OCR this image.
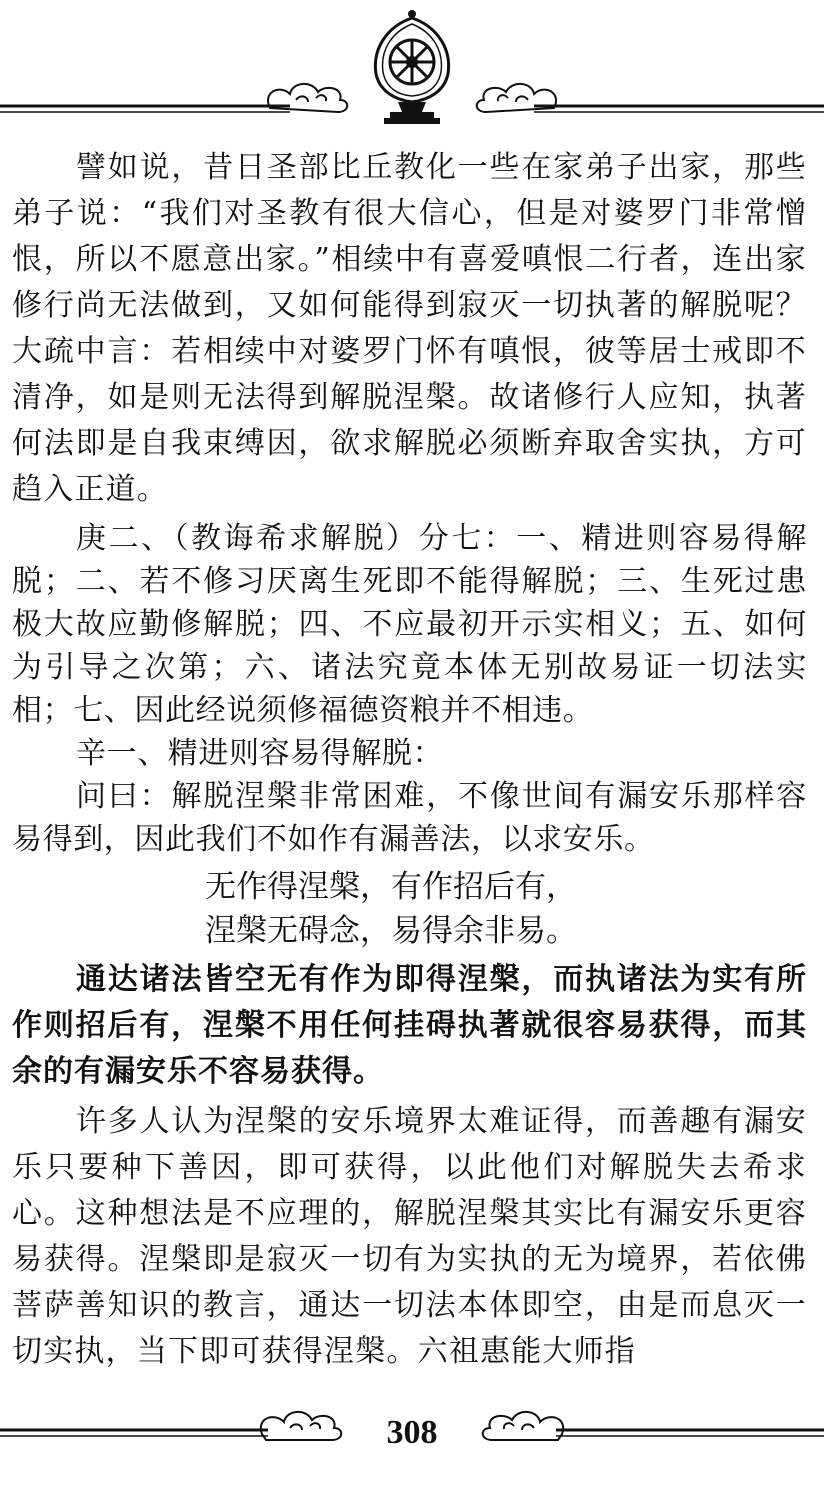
譬如说，昔日圣部比丘教化一些在家弟子出家，那些弟子说：“我们对圣教有很大信心，但是对婆罗门非常憎恨，所以不愿意出家。”相续中有喜爱嗔恨二行者，连出家修行尚无法做到，又如何能得到寂灭一切执著的解脱呢？大疏中言：若相续中对婆罗门怀有嗔恨，彼等居士戒即不清净，如是则无法得到解脱涅槃。故诸修行人应知，执著何法即是自我束缚因，欲求解脱必须断弃取舍实执，方可趋入正道。

庚二、（教诲希求解脱）分七：一、精进则容易得解脱；二、若不修习厌离生死即不能得解脱；三、生死过患极大故应勤修解脱；四、不应最初开示实相义；五、如何为引导之次第；六、诸法究竟本体无别故易证一切法实相；七、因此经说须修福德资粮并不相违。

辛一、精进则容易得解脱：

问曰：解脱涅槃非常困难，不像世间有漏安乐那样容易得到，因此我们不如作有漏善法，以求安乐。

无作得涅槃，有作招后有，

涅槃无碍念，易得余非易。

通达诸法皆空无有作为即得涅槃，而执诸法为实有所作则招后有，涅槃不用任何挂碍执著就很容易获得，而其余的有漏安乐不容易获得。

许多人认为涅槃的安乐境界太难证得，而善趣有漏安乐只要种下善因，即可获得，以此他们对解脱失去希求心。这种想法是不应理的，解脱涅槃其实比有漏安乐更容易获得。涅槃即是寂灭一切有为实执的无为境界，若依佛菩萨善知识的教言，通达一切法本体即空，由是而息灭一切实执，当下即可获得涅槃。六祖惠能大师指

308
